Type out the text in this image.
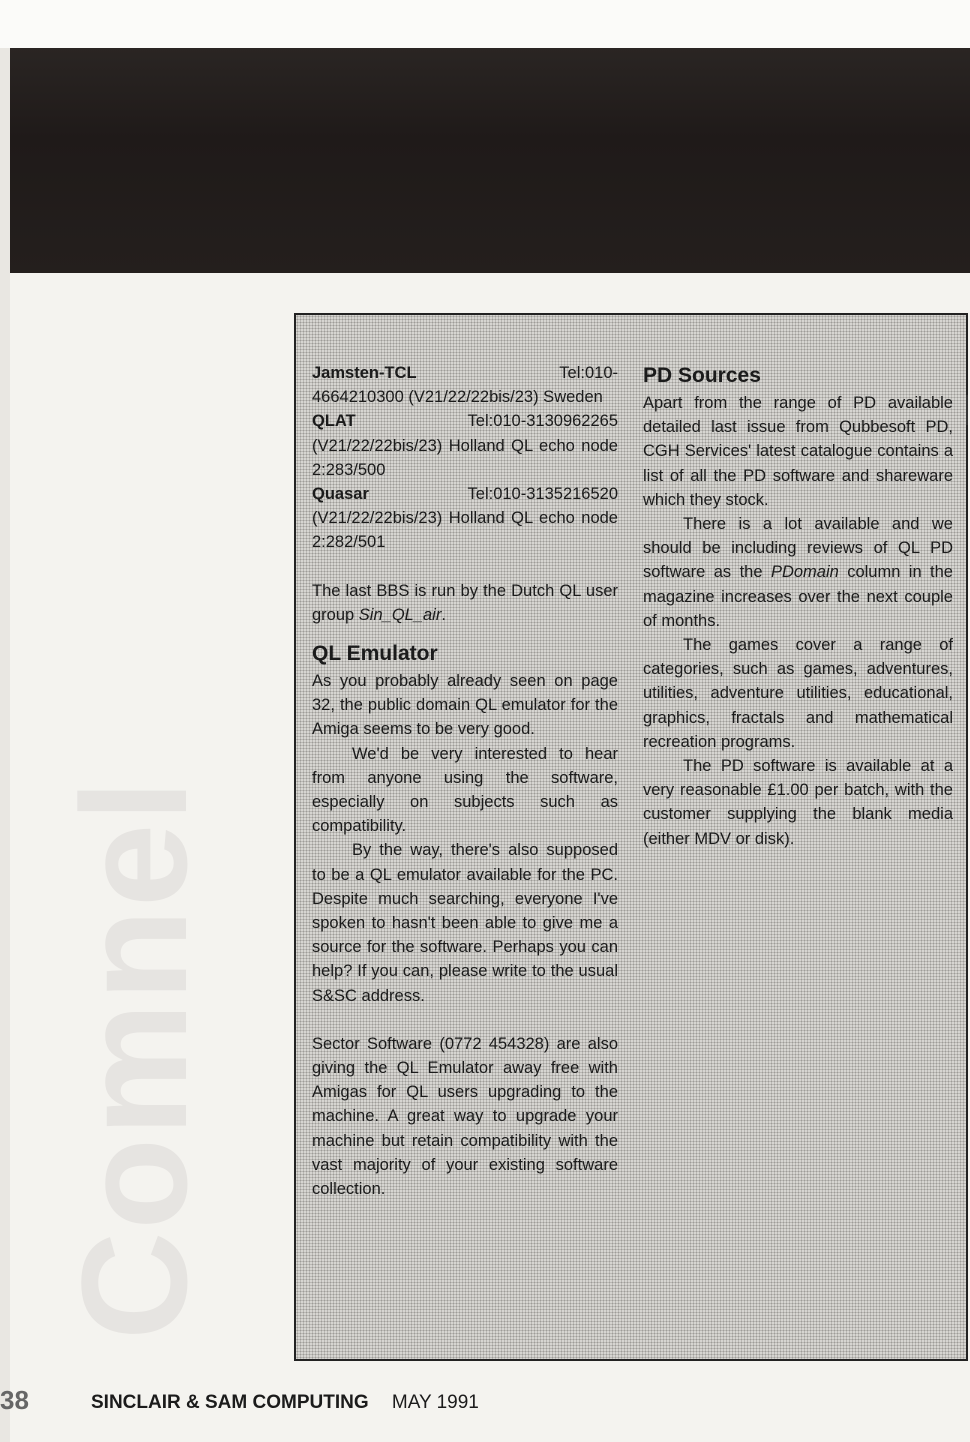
Comnel
Jamsten-TCL	Tel:010-

4664210300 (V21/22/22bis/23) Sweden

QLAT	Tel:010-3130962265

(V21/22/22bis/23) Holland QL echo node 2:283/500

Quasar	Tel:010-3135216520

(V21/22/22bis/23) Holland QL echo node 2:282/501

The last BBS is run by the Dutch QL user group Sin_QL_air.

QL Emulator

As you probably already seen on page 32, the public domain QL emulator for the Amiga seems to be very good.

We'd be very interested to hear from anyone using the software, especially on subjects such as compatibility.

By the way, there's also supposed to be a QL emulator available for the PC. Despite much searching, everyone I've spoken to hasn't been able to give me a source for the software. Perhaps you can help? If you can, please write to the usual S&SC address.

Sector Software (0772 454328) are also giving the QL Emulator away free with Amigas for QL users upgrading to the machine. A great way to upgrade your machine but retain compatibility with the vast majority of your existing software collection.

PD Sources

Apart from the range of PD available detailed last issue from Qubbesoft PD, CGH Services' latest catalogue contains a list of all the PD software and shareware which they stock.

There is a lot available and we should be including reviews of QL PD software as the PDomain column in the magazine increases over the next couple of months.

The games cover a range of categories, such as games, adventures, utilities, adventure utilities, educational, graphics, fractals and mathematical recreation programs.

The PD software is available at a very reasonable £1.00 per batch, with the customer supplying the blank media (either MDV or disk).

38	SINCLAIR & SAM COMPUTING MAY 1991
